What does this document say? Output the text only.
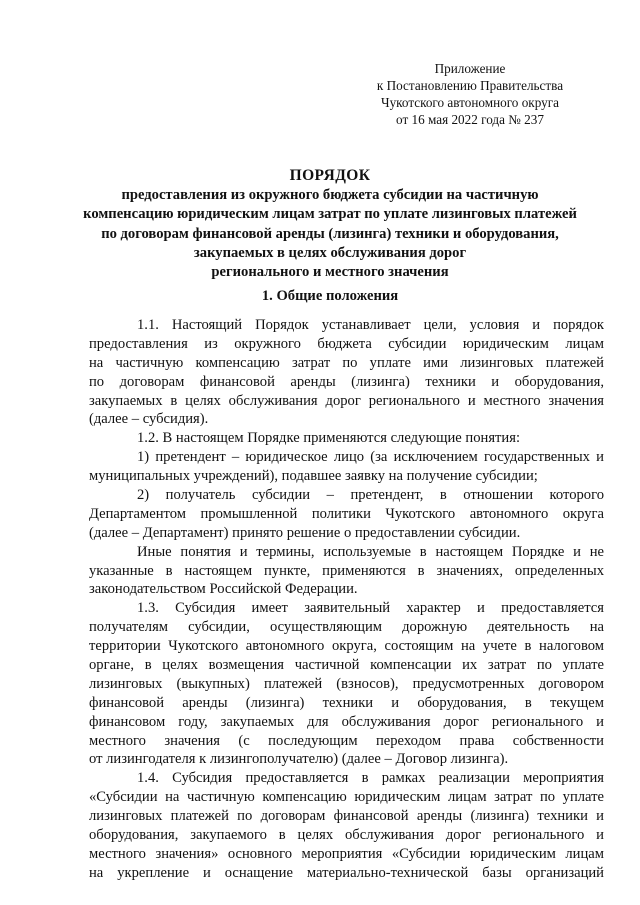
Приложение
к Постановлению Правительства
Чукотского автономного округа
от 16 мая 2022 года № 237
ПОРЯДОК
предоставления из окружного бюджета субсидии на частичную
компенсацию юридическим лицам затрат по уплате лизинговых платежей
по договорам финансовой аренды (лизинга) техники и оборудования,
закупаемых в целях обслуживания дорог
регионального и местного значения
1. Общие положения
1.1. Настоящий Порядок устанавливает цели, условия и порядок
предоставления из окружного бюджета субсидии юридическим лицам
на частичную компенсацию затрат по уплате ими лизинговых платежей
по договорам финансовой аренды (лизинга) техники и оборудования,
закупаемых в целях обслуживания дорог регионального и местного значения
(далее – субсидия).
1.2. В настоящем Порядке применяются следующие понятия:
1) претендент – юридическое лицо (за исключением государственных и
муниципальных учреждений), подавшее заявку на получение субсидии;
2) получатель субсидии – претендент, в отношении которого
Департаментом промышленной политики Чукотского автономного округа
(далее – Департамент) принято решение о предоставлении субсидии.
Иные понятия и термины, используемые в настоящем Порядке и не
указанные в настоящем пункте, применяются в значениях, определенных
законодательством Российской Федерации.
1.3. Субсидия имеет заявительный характер и предоставляется
получателям субсидии, осуществляющим дорожную деятельность на
территории Чукотского автономного округа, состоящим на учете в налоговом
органе, в целях возмещения частичной компенсации их затрат по уплате
лизинговых (выкупных) платежей (взносов), предусмотренных договором
финансовой аренды (лизинга) техники и оборудования, в текущем
финансовом году, закупаемых для обслуживания дорог регионального и
местного значения (с последующим переходом права собственности
от лизингодателя к лизингополучателю) (далее – Договор лизинга).
1.4. Субсидия предоставляется в рамках реализации мероприятия
«Субсидии на частичную компенсацию юридическим лицам затрат по уплате
лизинговых платежей по договорам финансовой аренды (лизинга) техники и
оборудования, закупаемого в целях обслуживания дорог регионального и
местного значения» основного мероприятия «Субсидии юридическим лицам
на укрепление и оснащение материально-технической базы организаций
